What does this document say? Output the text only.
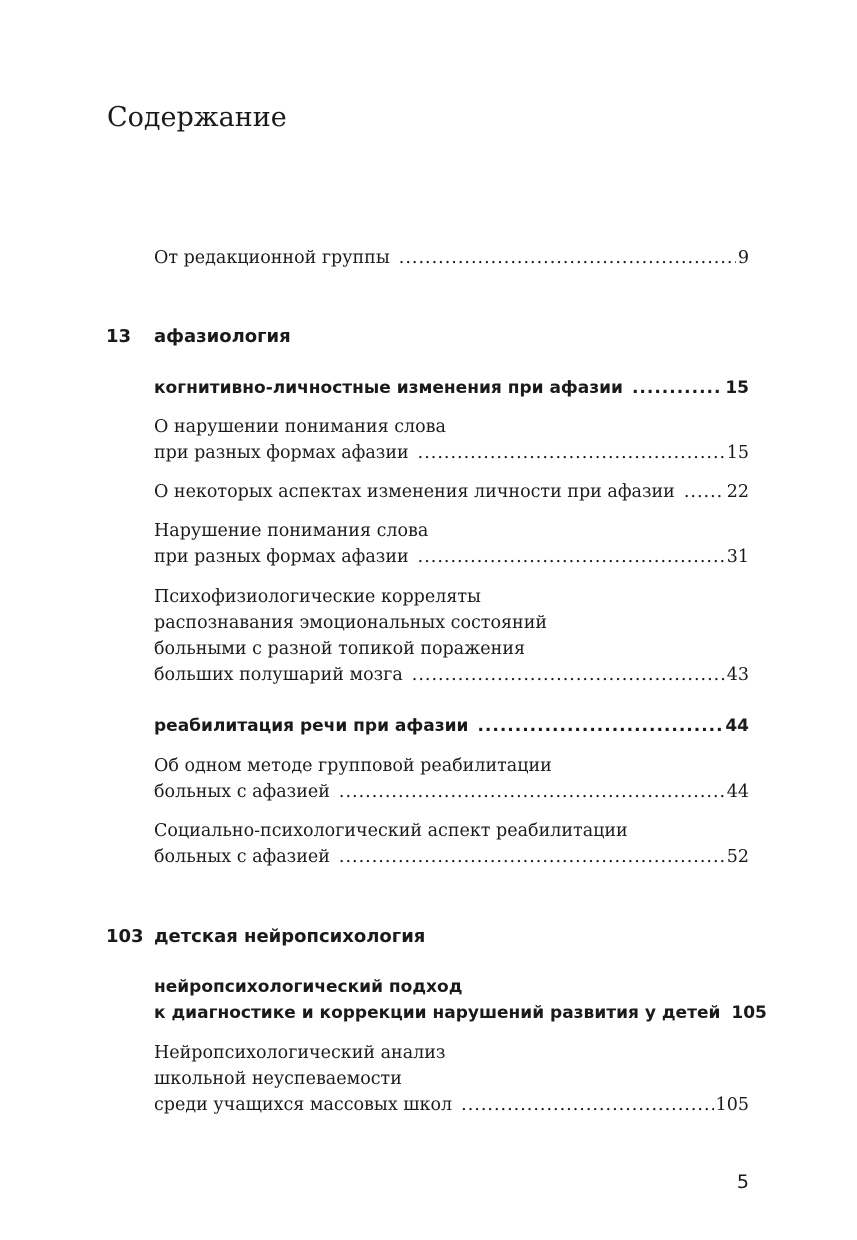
Содержание
От редакционной группы .....	9
13 афазиология
когнитивно-личностные изменения при афазии .....	15
О нарушении понимания слова
при разных формах афазии .....	15
О некоторых аспектах изменения личности при афазии .....	22
Нарушение понимания слова
при разных формах афазии .....	31
Психофизиологические корреляты
распознавания эмоциональных состояний
больными с разной топикой поражения
больших полушарий мозга .....	43
реабилитация речи при афазии .....	44
Об одном методе групповой реабилитации
больных с афазией .....	44
Социально-психологический аспект реабилитации
больных с афазией .....	52
103 детская нейропсихология
нейропсихологический подход
к диагностике и коррекции нарушений развития у детей 105
Нейропсихологический анализ
школьной неуспеваемости
среди учащихся массовых школ .....	105
5
